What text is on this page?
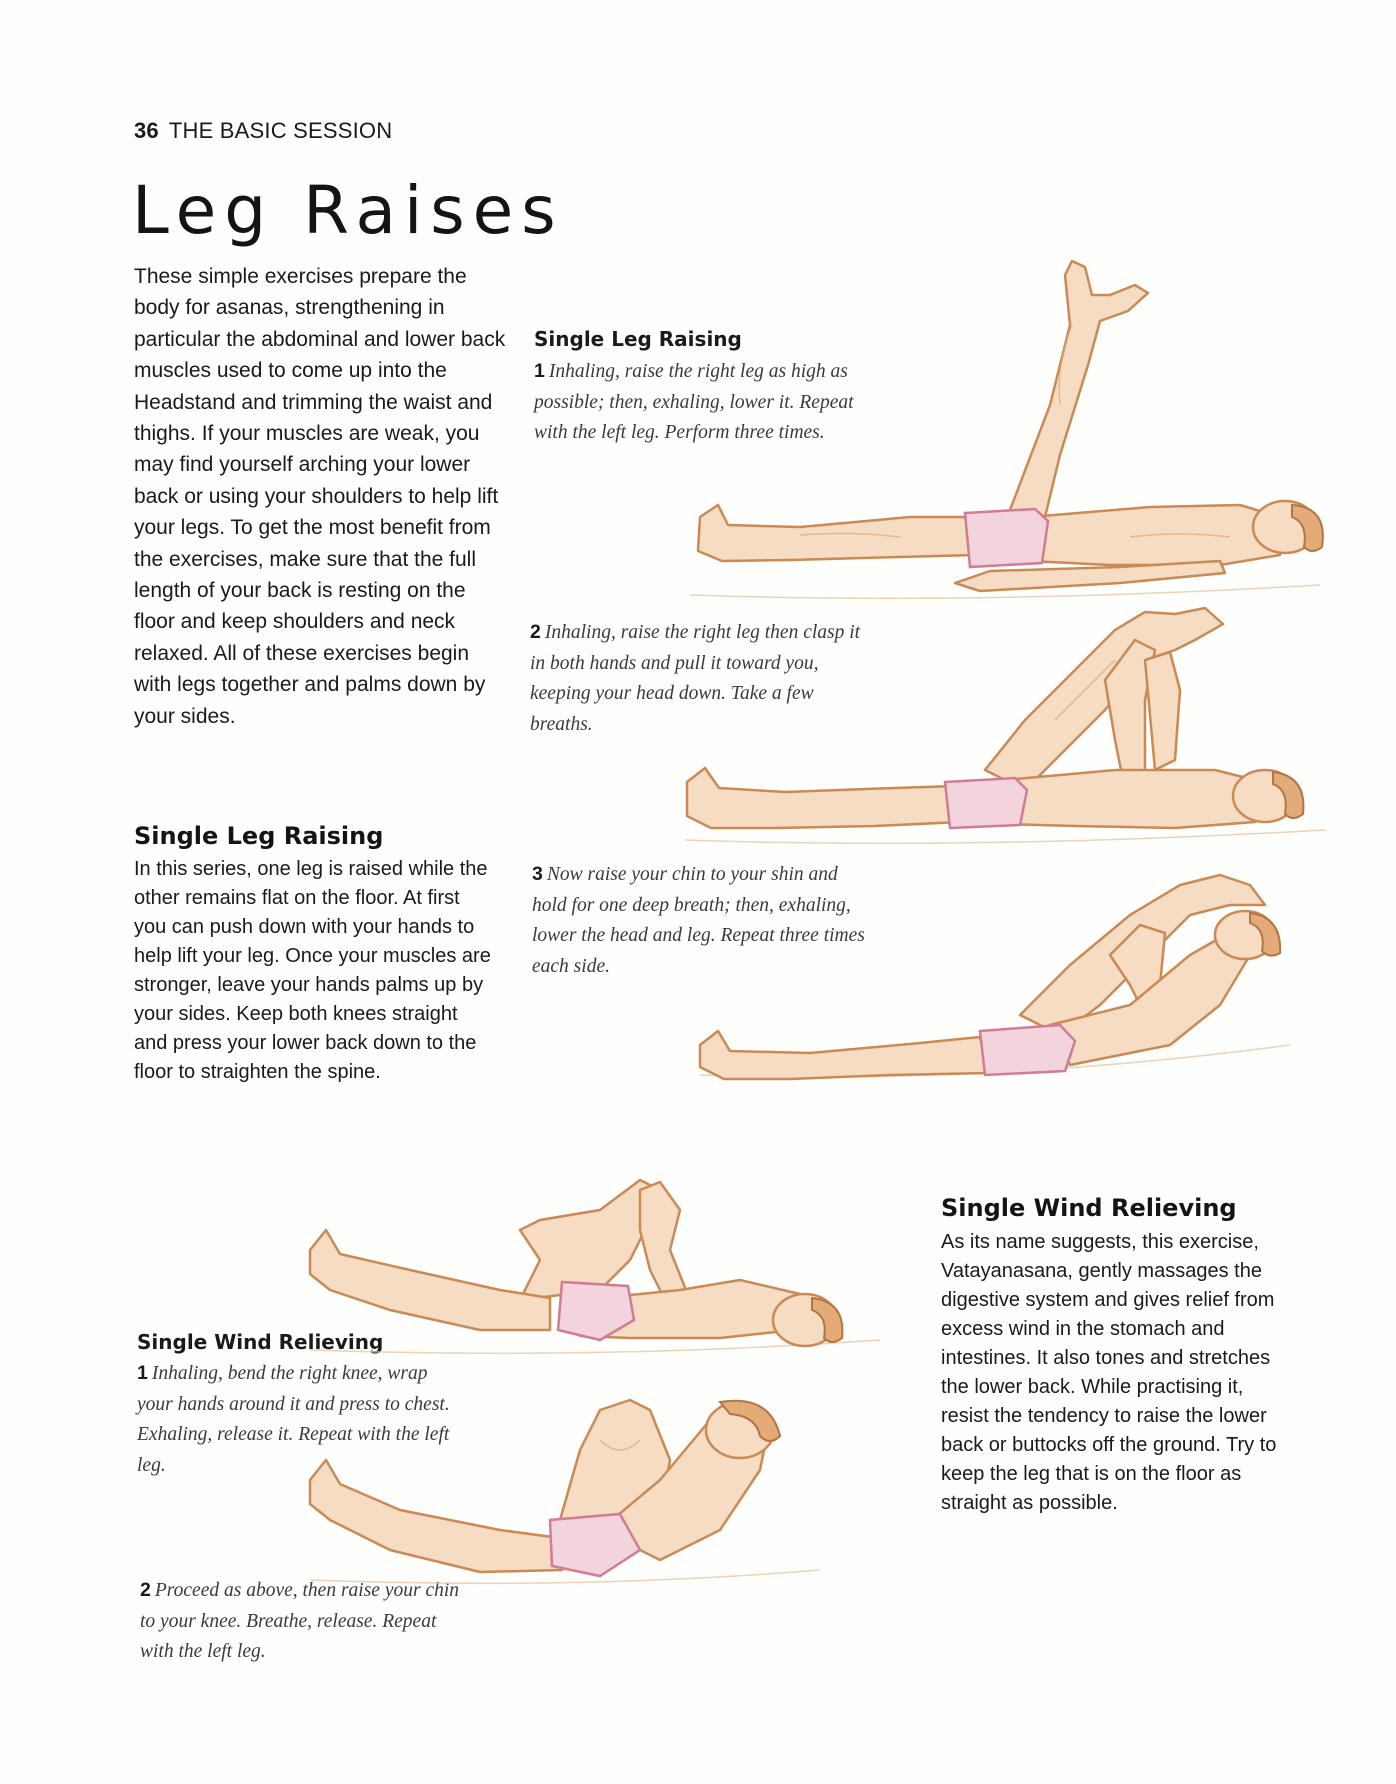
36 THE BASIC SESSION
Leg Raises
These simple exercises prepare the body for asanas, strengthening in particular the abdominal and lower back muscles used to come up into the Headstand and trimming the waist and thighs. If your muscles are weak, you may find yourself arching your lower back or using your shoulders to help lift your legs. To get the most benefit from the exercises, make sure that the full length of your back is resting on the floor and keep shoulders and neck relaxed. All of these exercises begin with legs together and palms down by your sides.
Single Leg Raising
In this series, one leg is raised while the other remains flat on the floor. At first you can push down with your hands to help lift your leg. Once your muscles are stronger, leave your hands palms up by your sides. Keep both knees straight and press your lower back down to the floor to straighten the spine.
Single Leg Raising
1 Inhaling, raise the right leg as high as possible; then, exhaling, lower it. Repeat with the left leg. Perform three times.
2 Inhaling, raise the right leg then clasp it in both hands and pull it toward you, keeping your head down. Take a few breaths.
3 Now raise your chin to your shin and hold for one deep breath; then, exhaling, lower the head and leg. Repeat three times each side.
Single Wind Relieving
As its name suggests, this exercise, Vatayanasana, gently massages the digestive system and gives relief from excess wind in the stomach and intestines. It also tones and stretches the lower back. While practising it, resist the tendency to raise the lower back or buttocks off the ground. Try to keep the leg that is on the floor as straight as possible.
Single Wind Relieving
1 Inhaling, bend the right knee, wrap your hands around it and press to chest. Exhaling, release it. Repeat with the left leg.
2 Proceed as above, then raise your chin to your knee. Breathe, release. Repeat with the left leg.
